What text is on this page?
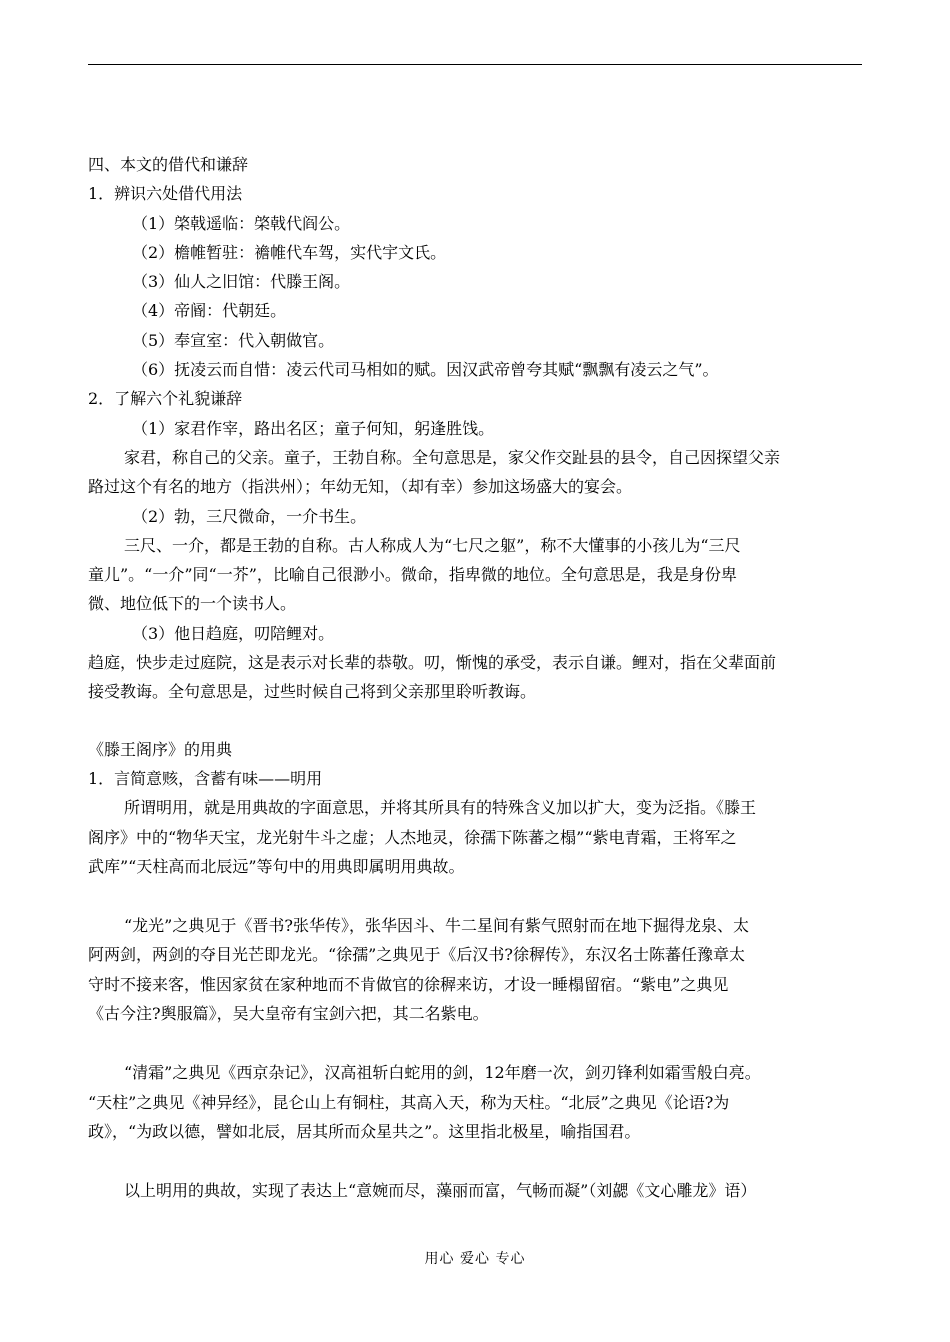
四、本文的借代和谦辞
1．辨识六处借代用法
（1）棨戟遥临：棨戟代阎公。
（2）檐帷暂驻：襜帷代车驾，实代宇文氏。
（3）仙人之旧馆：代滕王阁。
（4）帝阍：代朝廷。
（5）奉宣室：代入朝做官。
（6）抚凌云而自惜：凌云代司马相如的赋。因汉武帝曾夸其赋“飘飘有凌云之气”。
2．了解六个礼貌谦辞
（1）家君作宰，路出名区；童子何知，躬逢胜饯。
家君，称自己的父亲。童子，王勃自称。全句意思是，家父作交趾县的县令，自己因探望父亲
路过这个有名的地方（指洪州）；年幼无知，（却有幸）参加这场盛大的宴会。
（2）勃，三尺微命，一介书生。
三尺、一介，都是王勃的自称。古人称成人为“七尺之躯”，称不大懂事的小孩儿为“三尺
童儿”。“一介”同“一芥”，比喻自己很渺小。微命，指卑微的地位。全句意思是，我是身份卑
微、地位低下的一个读书人。
（3）他日趋庭，叨陪鲤对。
趋庭，快步走过庭院，这是表示对长辈的恭敬。叨，惭愧的承受，表示自谦。鲤对，指在父辈面前
接受教诲。全句意思是，过些时候自己将到父亲那里聆听教诲。
《滕王阁序》的用典
1．言简意赅，含蓄有味——明用
所谓明用，就是用典故的字面意思，并将其所具有的特殊含义加以扩大，变为泛指。《滕王
阁序》中的“物华天宝，龙光射牛斗之虚；人杰地灵，徐孺下陈蕃之榻”“紫电青霜，王将军之
武库”“天柱高而北辰远”等句中的用典即属明用典故。
“龙光”之典见于《晋书?张华传》，张华因斗、牛二星间有紫气照射而在地下掘得龙泉、太
阿两剑，两剑的夺目光芒即龙光。“徐孺”之典见于《后汉书?徐稺传》，东汉名士陈蕃任豫章太
守时不接来客，惟因家贫在家种地而不肯做官的徐稺来访，才设一睡榻留宿。“紫电”之典见
《古今注?舆服篇》，吴大皇帝有宝剑六把，其二名紫电。
“清霜”之典见《西京杂记》，汉高祖斩白蛇用的剑，12年磨一次，剑刃锋利如霜雪般白亮。
“天柱”之典见《神异经》，昆仑山上有铜柱，其高入天，称为天柱。“北辰”之典见《论语?为
政》，“为政以德，譬如北辰，居其所而众星共之”。这里指北极星，喻指国君。
以上明用的典故，实现了表达上“意婉而尽，藻丽而富，气畅而凝”（刘勰《文心雕龙》语）
用心 爱心 专心
